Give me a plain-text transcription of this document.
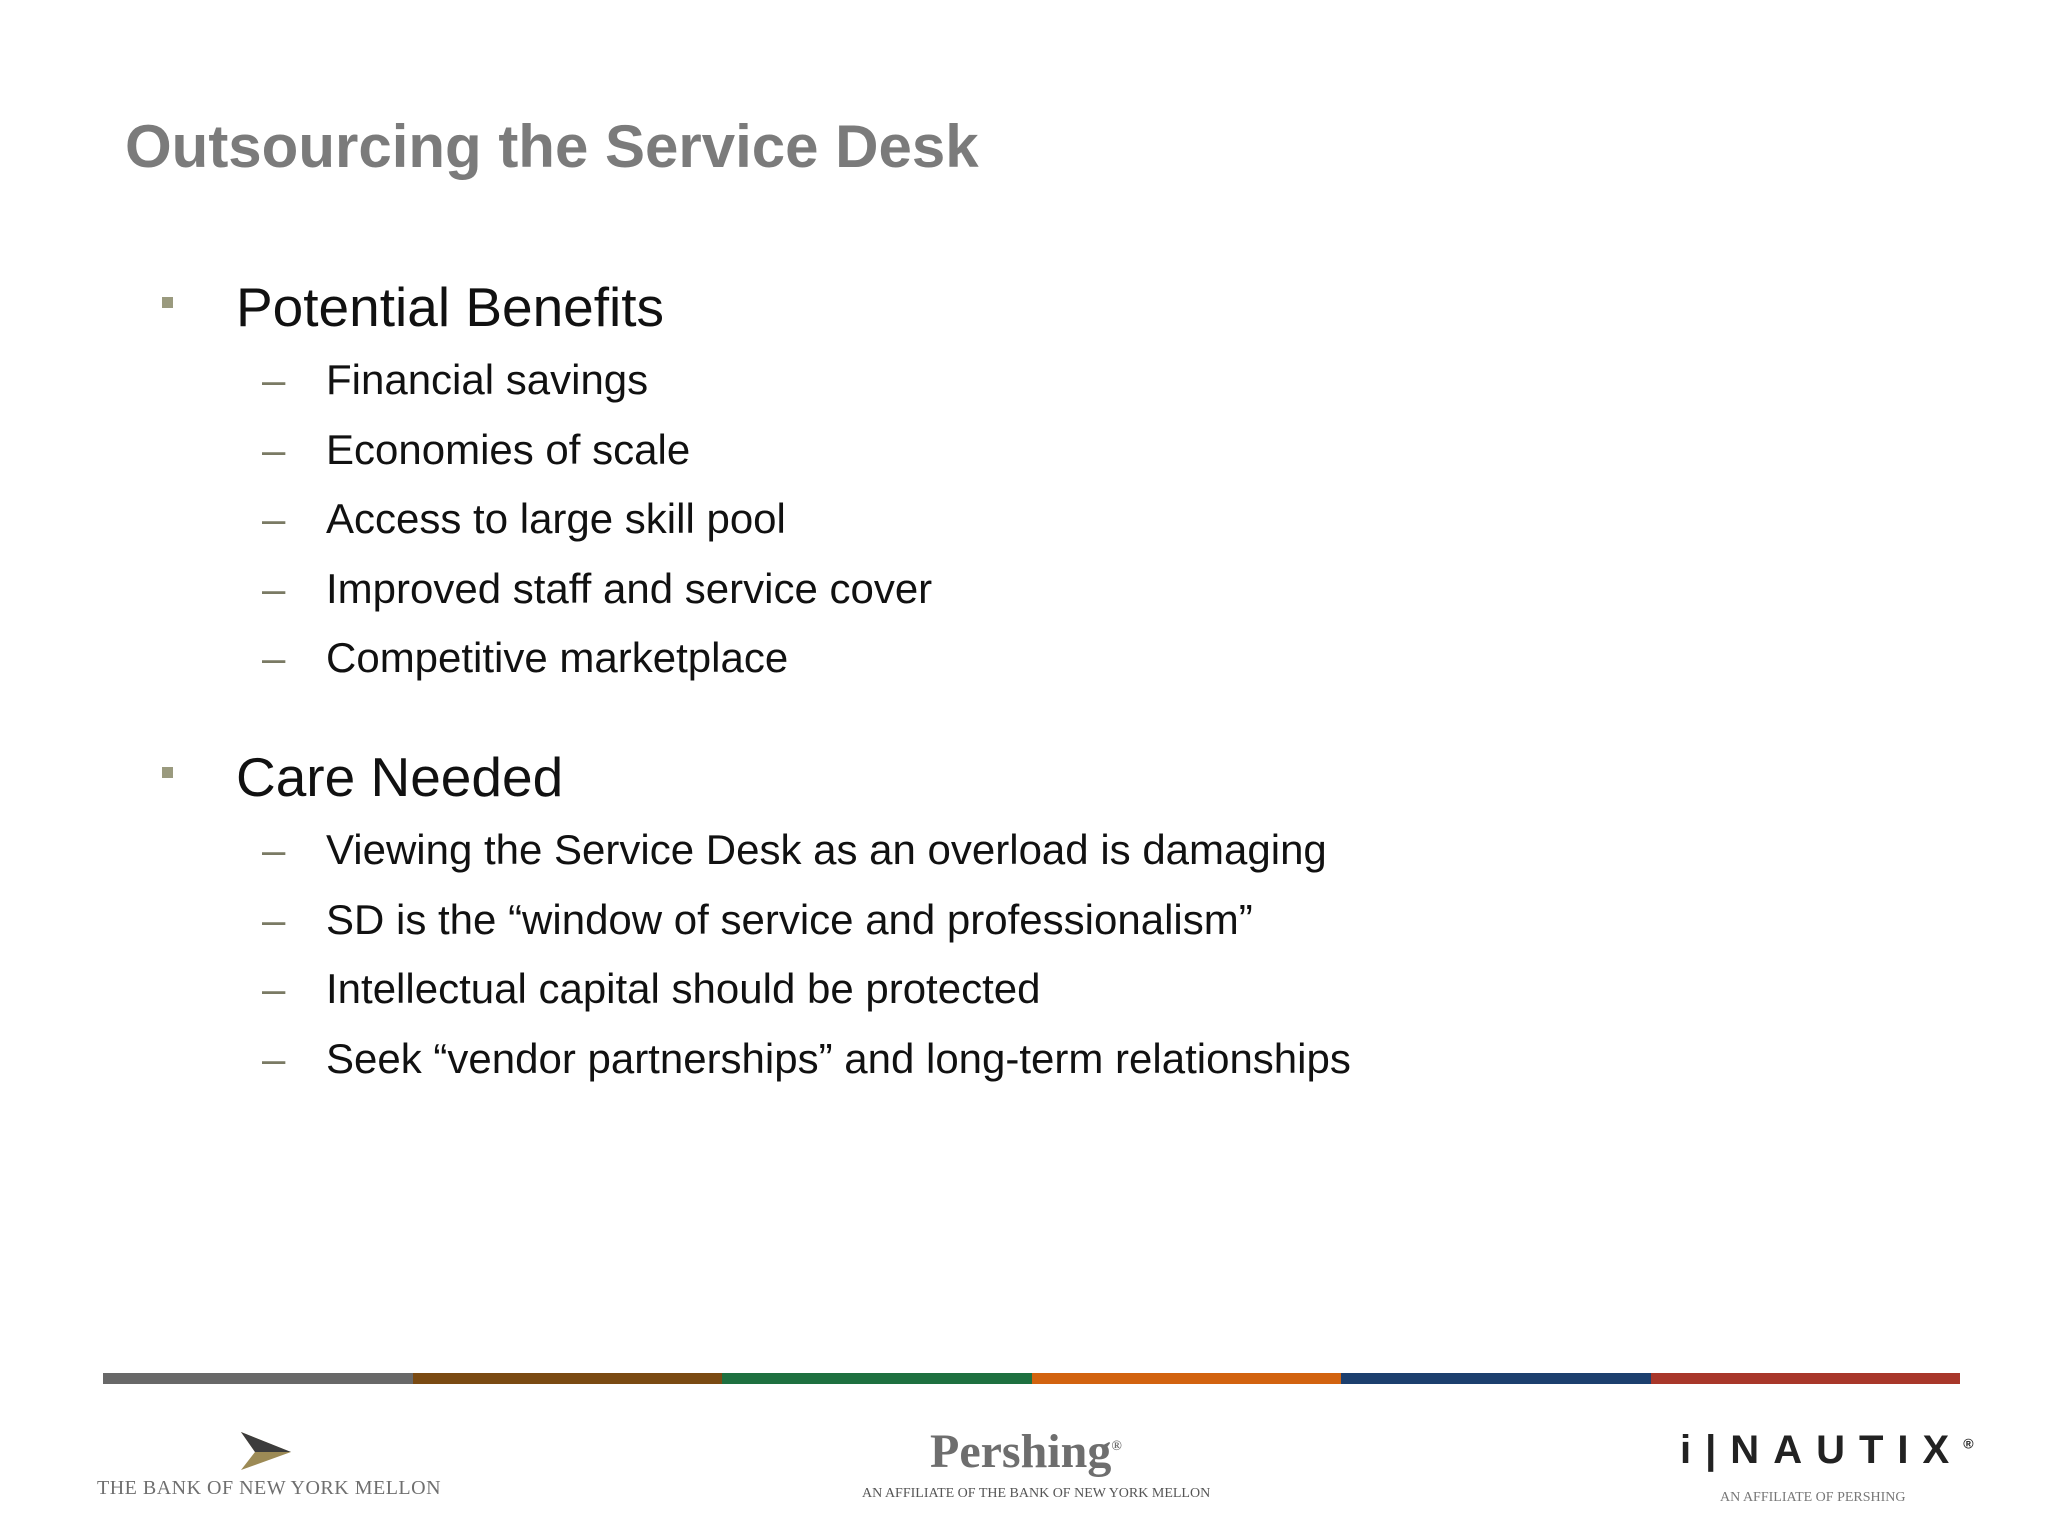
Outsourcing the Service Desk
Potential Benefits
– Financial savings
– Economies of scale
– Access to large skill pool
– Improved staff and service cover
– Competitive marketplace
Care Needed
– Viewing the Service Desk as an overload is damaging
– SD is the “window of service and professionalism”
– Intellectual capital should be protected
– Seek “vendor partnerships” and long-term relationships
THE BANK OF NEW YORK MELLON
Pershing®
AN AFFILIATE OF THE BANK OF NEW YORK MELLON
i|NAUTIX®
AN AFFILIATE OF PERSHING
